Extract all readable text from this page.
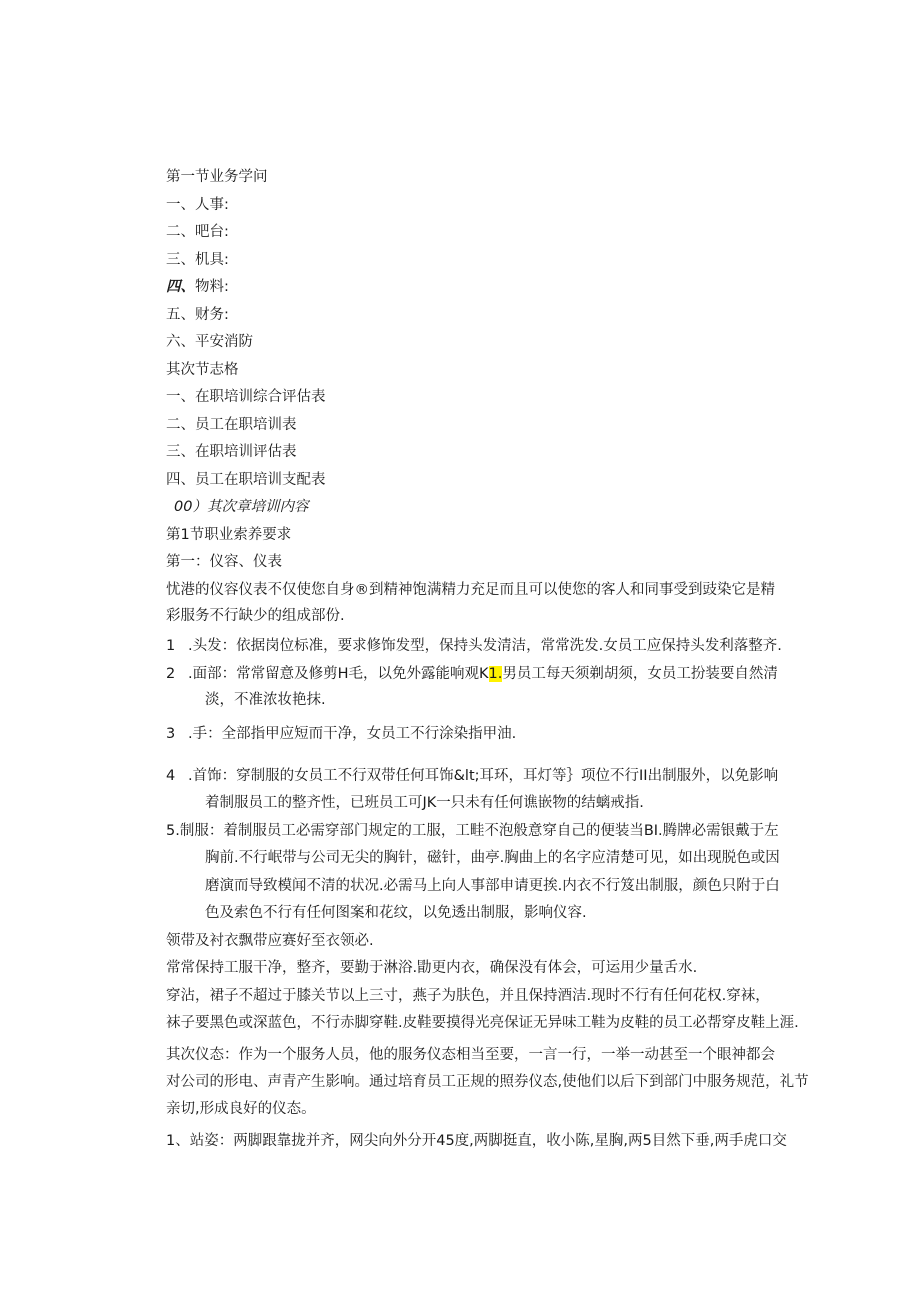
第一节业务学问
一、人事:
二、吧台:
三、机具:
四、物料:
五、财务:
六、平安消防
其次节志格
一、在职培训综合评估表
二、员工在职培训表
三、在职培训评估表
四、员工在职培训支配表
00）其次章培训内容
第1节职业索养要求
第一：仪容、仪表
忧港的仪容仪表不仅使您自身®到精神饱满精力充足而且可以使您的客人和同事受到豉染它是精
彩服务不行缺少的组成部份.
1 .头发：依据岗位标准，要求修饰发型，保持头发清洁，常常洗发.女员工应保持头发利落整齐.
2 .面部：常常留意及修剪H毛，以免外露能响观K1.男员工每天须剃胡须，女员工扮装要自然清
淡，不准浓妆艳抹.
3 .手：全部指甲应短而干净，女员工不行涂染指甲油.
4 .首饰：穿制服的女员工不行双带任何耳饰&lt;耳环，耳灯等｝项位不行II出制服外，以免影响
着制服员工的整齐性，已班员工可JK一只未有任何谯嵌物的结螭戒指.
5.制服：着制服员工必需穿部门规定的工服，工畦不泡般意穿自己的便装当BI.腾牌必需银戴于左
胸前.不行岷带与公司无尖的胸针，磁针，曲亭.胸曲上的名字应清楚可见，如出现脱色或因
磨演而导致模闻不清的状况.必需马上向人事部申请更挨.内衣不行笈出制服，颜色只附于白
色及索色不行有任何图案和花纹，以免透出制服，影响仪容.
领带及衬衣飘带应赛好至衣领必.
常常保持工服干净，整齐，要勤于淋浴.勖更内衣，确保没有体会，可运用少量舌水.
穿沾，裙子不超过于膝关节以上三寸，燕子为肤色，并且保持酒洁.现时不行有任何花权.穿袜，
袜子要黑色或深蓝色，不行赤脚穿鞋.皮鞋要摸得光亮保证无异味工鞋为皮鞋的员工必帮穿皮鞋上涯.
其次仪态：作为一个服务人员，他的服务仪态相当至要，一言一行，一举一动甚至一个眼神都会
对公司的形电、声青产生影响。通过培育员工正规的照券仪态,使他们以后下到部门中服务规范，礼节
亲切,形成良好的仪态。
1、站姿：两脚跟靠拢并齐，网尖向外分开45度,两脚挺直，收小陈,星胸,两5目然下垂,两手虎口交
